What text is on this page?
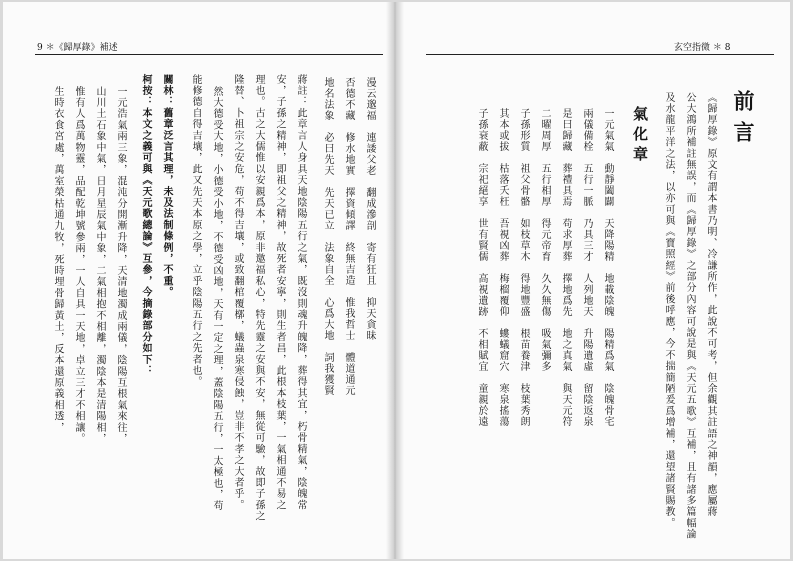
9 ＊《歸厚錄》補述
漫云邈福　連諉父老　翻成滲剖　寄有狂且　抑天貪昧
否德不藏　修水地實　擇資傾譯　終無吉造　惟我哲士　體道通元
地名法象　必曰先天　先天已立　法象自全　心爲大地　詞我獲賢
蔣註：此章言人身具天地陰陽五行之氣，既沒則魂升魄降，葬得其宜，朽骨精氣，陰魄常
安，子孫之精神，即祖父之精神，故死者安寧，則生者昌，此根本枝葉，一氣相通不易之
理也。古之大儒惟以安親爲本，原非邀福私心，特先靈之安與不安，無從可驗，故即子孫之
隆替、卜祖宗之安危，苟不得吉壤，或致翻棺覆槨，蟻蟲泉寒侵蝕，豈非不孝之大者乎。
然大德受大地，小德受小地，不德受凶地，天有一定之理，蓋陰陽五行，一太極也，苟
能修德自得吉壤，此又先天本原之學，立乎陰陽五行之先者也。
關林：舊章泛言其理，未及法制條例，不重。
柯按：本文之義可與《天元歌總論》互參，今摘錄部分如下：
一元浩氣兩三象，混沌分開漸升降，天清地濁成兩儀，陰陽互根氣來往，
山川土石象中氣，日月星辰氣中象，二氣相抱不相離，濁陰本是清陽相，
惟有人爲萬物靈，品配乾坤號參兩，一人自具一天地，卓立三才不相讓。
生時衣食宮處，萬室榮枯通九牧，死時埋骨歸黃土，反本還原義相透，
玄空指微 ＊ 8
前言
《歸厚錄》原文有謂本書乃明、冷謙所作，此說不可考，但余觀其註語之神韻，應屬蔣
公大鴻所補註無誤，而《歸厚錄》之部分內容可說是與《天元五歌》互補，且有諸多篇幅論
及水龍平洋之法，以亦可與《寶照經》前後呼應，今不揣簡陋爰爲增補，還望諸賢賜教。
氣化章
一元氣氣　動靜闔闢　天降陽精　地載陰魄　陽精爲氣　陰魄骨宅
兩儀備栓　五行一脈　乃具三才　人列地天　升陽遺虛　留陰返泉
是曰歸藏　葬禮具焉　苟求厚葬　擇地爲先　地之真氣　與天元符
二曜周厚　五行相厚　得元帝育　久久無傷　吸氣彌多
子孫形質　祖父骨骼　如枝草木　得地豐盛　根苗養津　枝葉秀朗
其本或拔　枯落夭枉　吾視凶葬　梅榴覆仰　螻蟻窟穴　寒泉搖蕩
子孫衰蔽　宗祀絕享　世有賢儒　高視遺跡　不相賦宜　童親於遠
